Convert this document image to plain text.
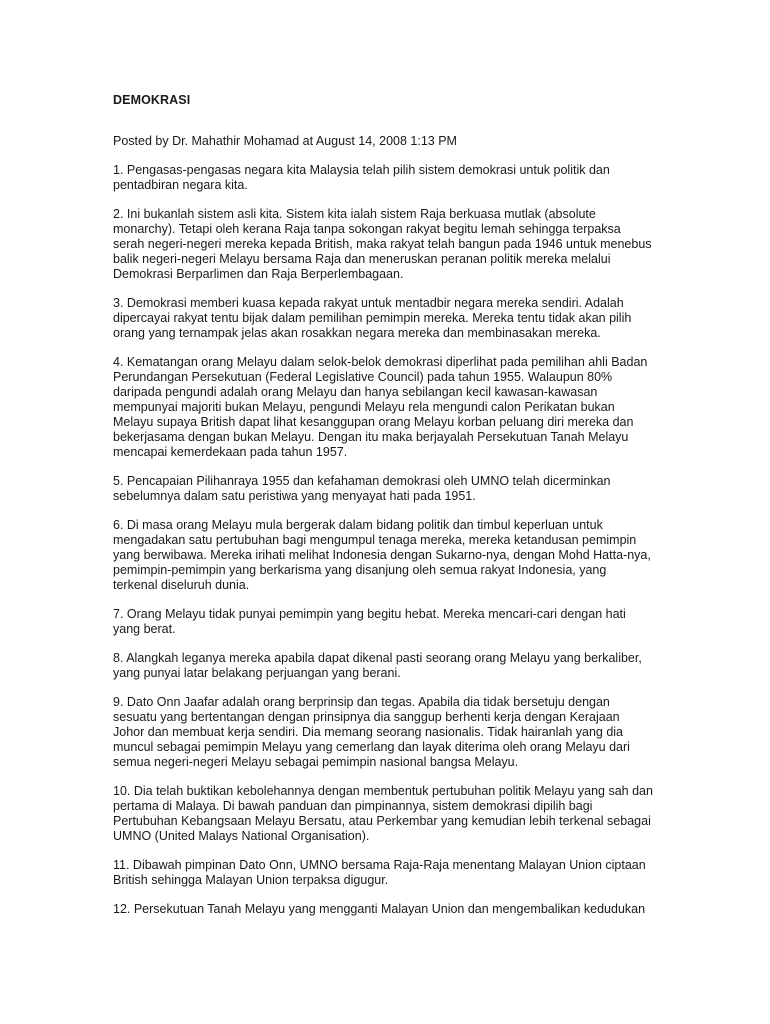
DEMOKRASI
Posted by Dr. Mahathir Mohamad at August 14, 2008 1:13 PM
1. Pengasas-pengasas negara kita Malaysia telah pilih sistem demokrasi untuk politik dan
pentadbiran negara kita.
2. Ini bukanlah sistem asli kita. Sistem kita ialah sistem Raja berkuasa mutlak (absolute
monarchy). Tetapi oleh kerana Raja tanpa sokongan rakyat begitu lemah sehingga terpaksa
serah negeri-negeri mereka kepada British, maka rakyat telah bangun pada 1946 untuk menebus
balik negeri-negeri Melayu bersama Raja dan meneruskan peranan politik mereka melalui
Demokrasi Berparlimen dan Raja Berperlembagaan.
3. Demokrasi memberi kuasa kepada rakyat untuk mentadbir negara mereka sendiri. Adalah
dipercayai rakyat tentu bijak dalam pemilihan pemimpin mereka. Mereka tentu tidak akan pilih
orang yang ternampak jelas akan rosakkan negara mereka dan membinasakan mereka.
4. Kematangan orang Melayu dalam selok-belok demokrasi diperlihat pada pemilihan ahli Badan
Perundangan Persekutuan (Federal Legislative Council) pada tahun 1955. Walaupun 80%
daripada pengundi adalah orang Melayu dan hanya sebilangan kecil kawasan-kawasan
mempunyai majoriti bukan Melayu, pengundi Melayu rela mengundi calon Perikatan bukan
Melayu supaya British dapat lihat kesanggupan orang Melayu korban peluang diri mereka dan
bekerjasama dengan bukan Melayu. Dengan itu maka berjayalah Persekutuan Tanah Melayu
mencapai kemerdekaan pada tahun 1957.
5. Pencapaian Pilihanraya 1955 dan kefahaman demokrasi oleh UMNO telah dicerminkan
sebelumnya dalam satu peristiwa yang menyayat hati pada 1951.
6. Di masa orang Melayu mula bergerak dalam bidang politik dan timbul keperluan untuk
mengadakan satu pertubuhan bagi mengumpul tenaga mereka, mereka ketandusan pemimpin
yang berwibawa. Mereka irihati melihat Indonesia dengan Sukarno-nya, dengan Mohd Hatta-nya,
pemimpin-pemimpin yang berkarisma yang disanjung oleh semua rakyat Indonesia, yang
terkenal diseluruh dunia.
7. Orang Melayu tidak punyai pemimpin yang begitu hebat. Mereka mencari-cari dengan hati
yang berat.
8. Alangkah leganya mereka apabila dapat dikenal pasti seorang orang Melayu yang berkaliber,
yang punyai latar belakang perjuangan yang berani.
9. Dato Onn Jaafar adalah orang berprinsip dan tegas. Apabila dia tidak bersetuju dengan
sesuatu yang bertentangan dengan prinsipnya dia sanggup berhenti kerja dengan Kerajaan
Johor dan membuat kerja sendiri. Dia memang seorang nasionalis. Tidak hairanlah yang dia
muncul sebagai pemimpin Melayu yang cemerlang dan layak diterima oleh orang Melayu dari
semua negeri-negeri Melayu sebagai pemimpin nasional bangsa Melayu.
10. Dia telah buktikan kebolehannya dengan membentuk pertubuhan politik Melayu yang sah dan
pertama di Malaya. Di bawah panduan dan pimpinannya, sistem demokrasi dipilih bagi
Pertubuhan Kebangsaan Melayu Bersatu, atau Perkembar yang kemudian lebih terkenal sebagai
UMNO (United Malays National Organisation).
11. Dibawah pimpinan Dato Onn, UMNO bersama Raja-Raja menentang Malayan Union ciptaan
British sehingga Malayan Union terpaksa digugur.
12. Persekutuan Tanah Melayu yang mengganti Malayan Union dan mengembalikan kedudukan
